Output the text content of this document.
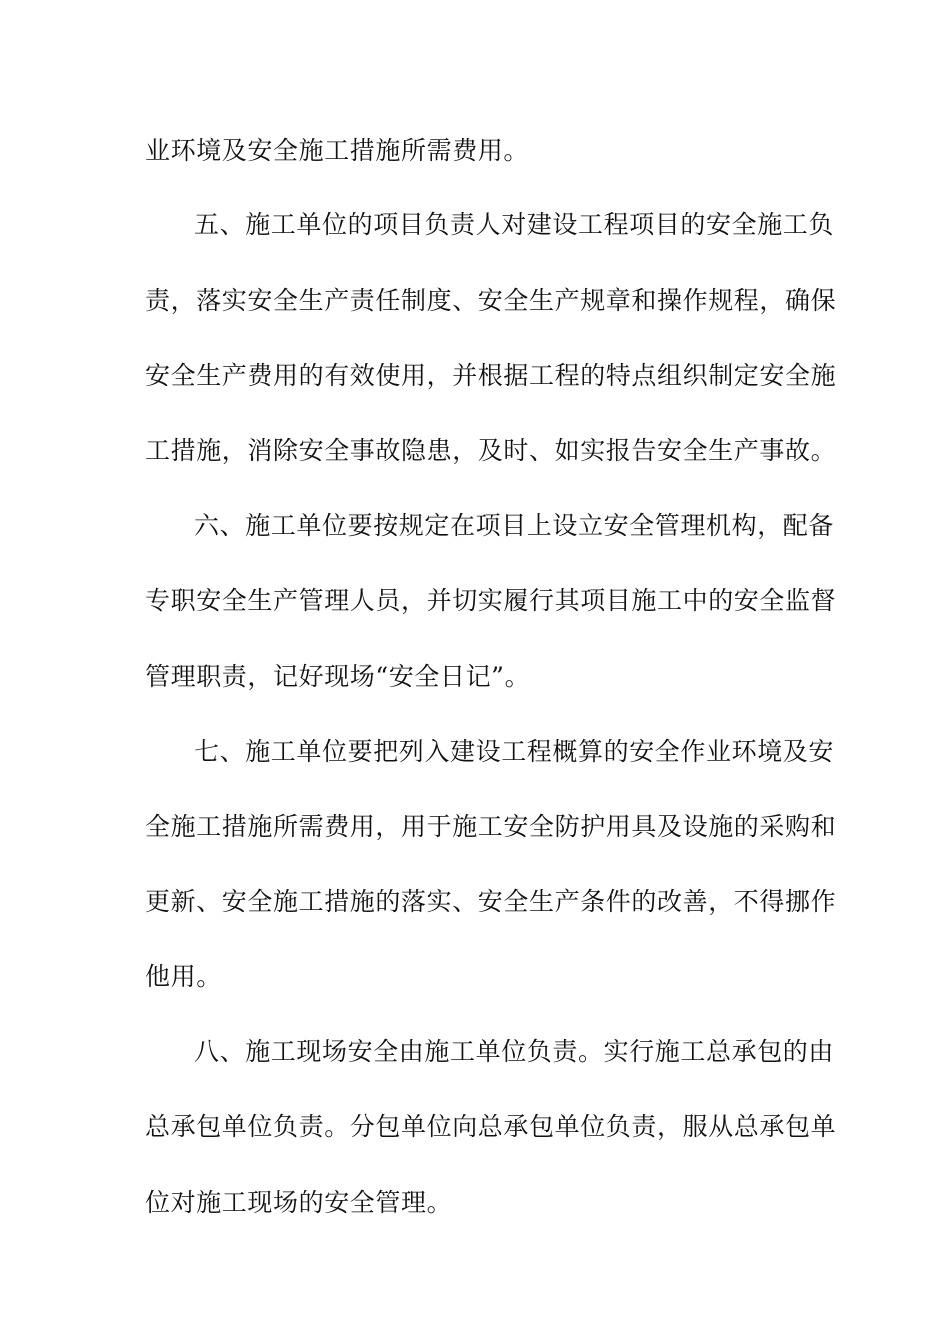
业环境及安全施工措施所需费用。
五、施工单位的项目负责人对建设工程项目的安全施工负
责，落实安全生产责任制度、安全生产规章和操作规程，确保
安全生产费用的有效使用，并根据工程的特点组织制定安全施
工措施，消除安全事故隐患，及时、如实报告安全生产事故。
六、施工单位要按规定在项目上设立安全管理机构，配备
专职安全生产管理人员，并切实履行其项目施工中的安全监督
管理职责，记好现场“安全日记”。
七、施工单位要把列入建设工程概算的安全作业环境及安
全施工措施所需费用，用于施工安全防护用具及设施的采购和
更新、安全施工措施的落实、安全生产条件的改善，不得挪作
他用。
八、施工现场安全由施工单位负责。实行施工总承包的由
总承包单位负责。分包单位向总承包单位负责，服从总承包单
位对施工现场的安全管理。
